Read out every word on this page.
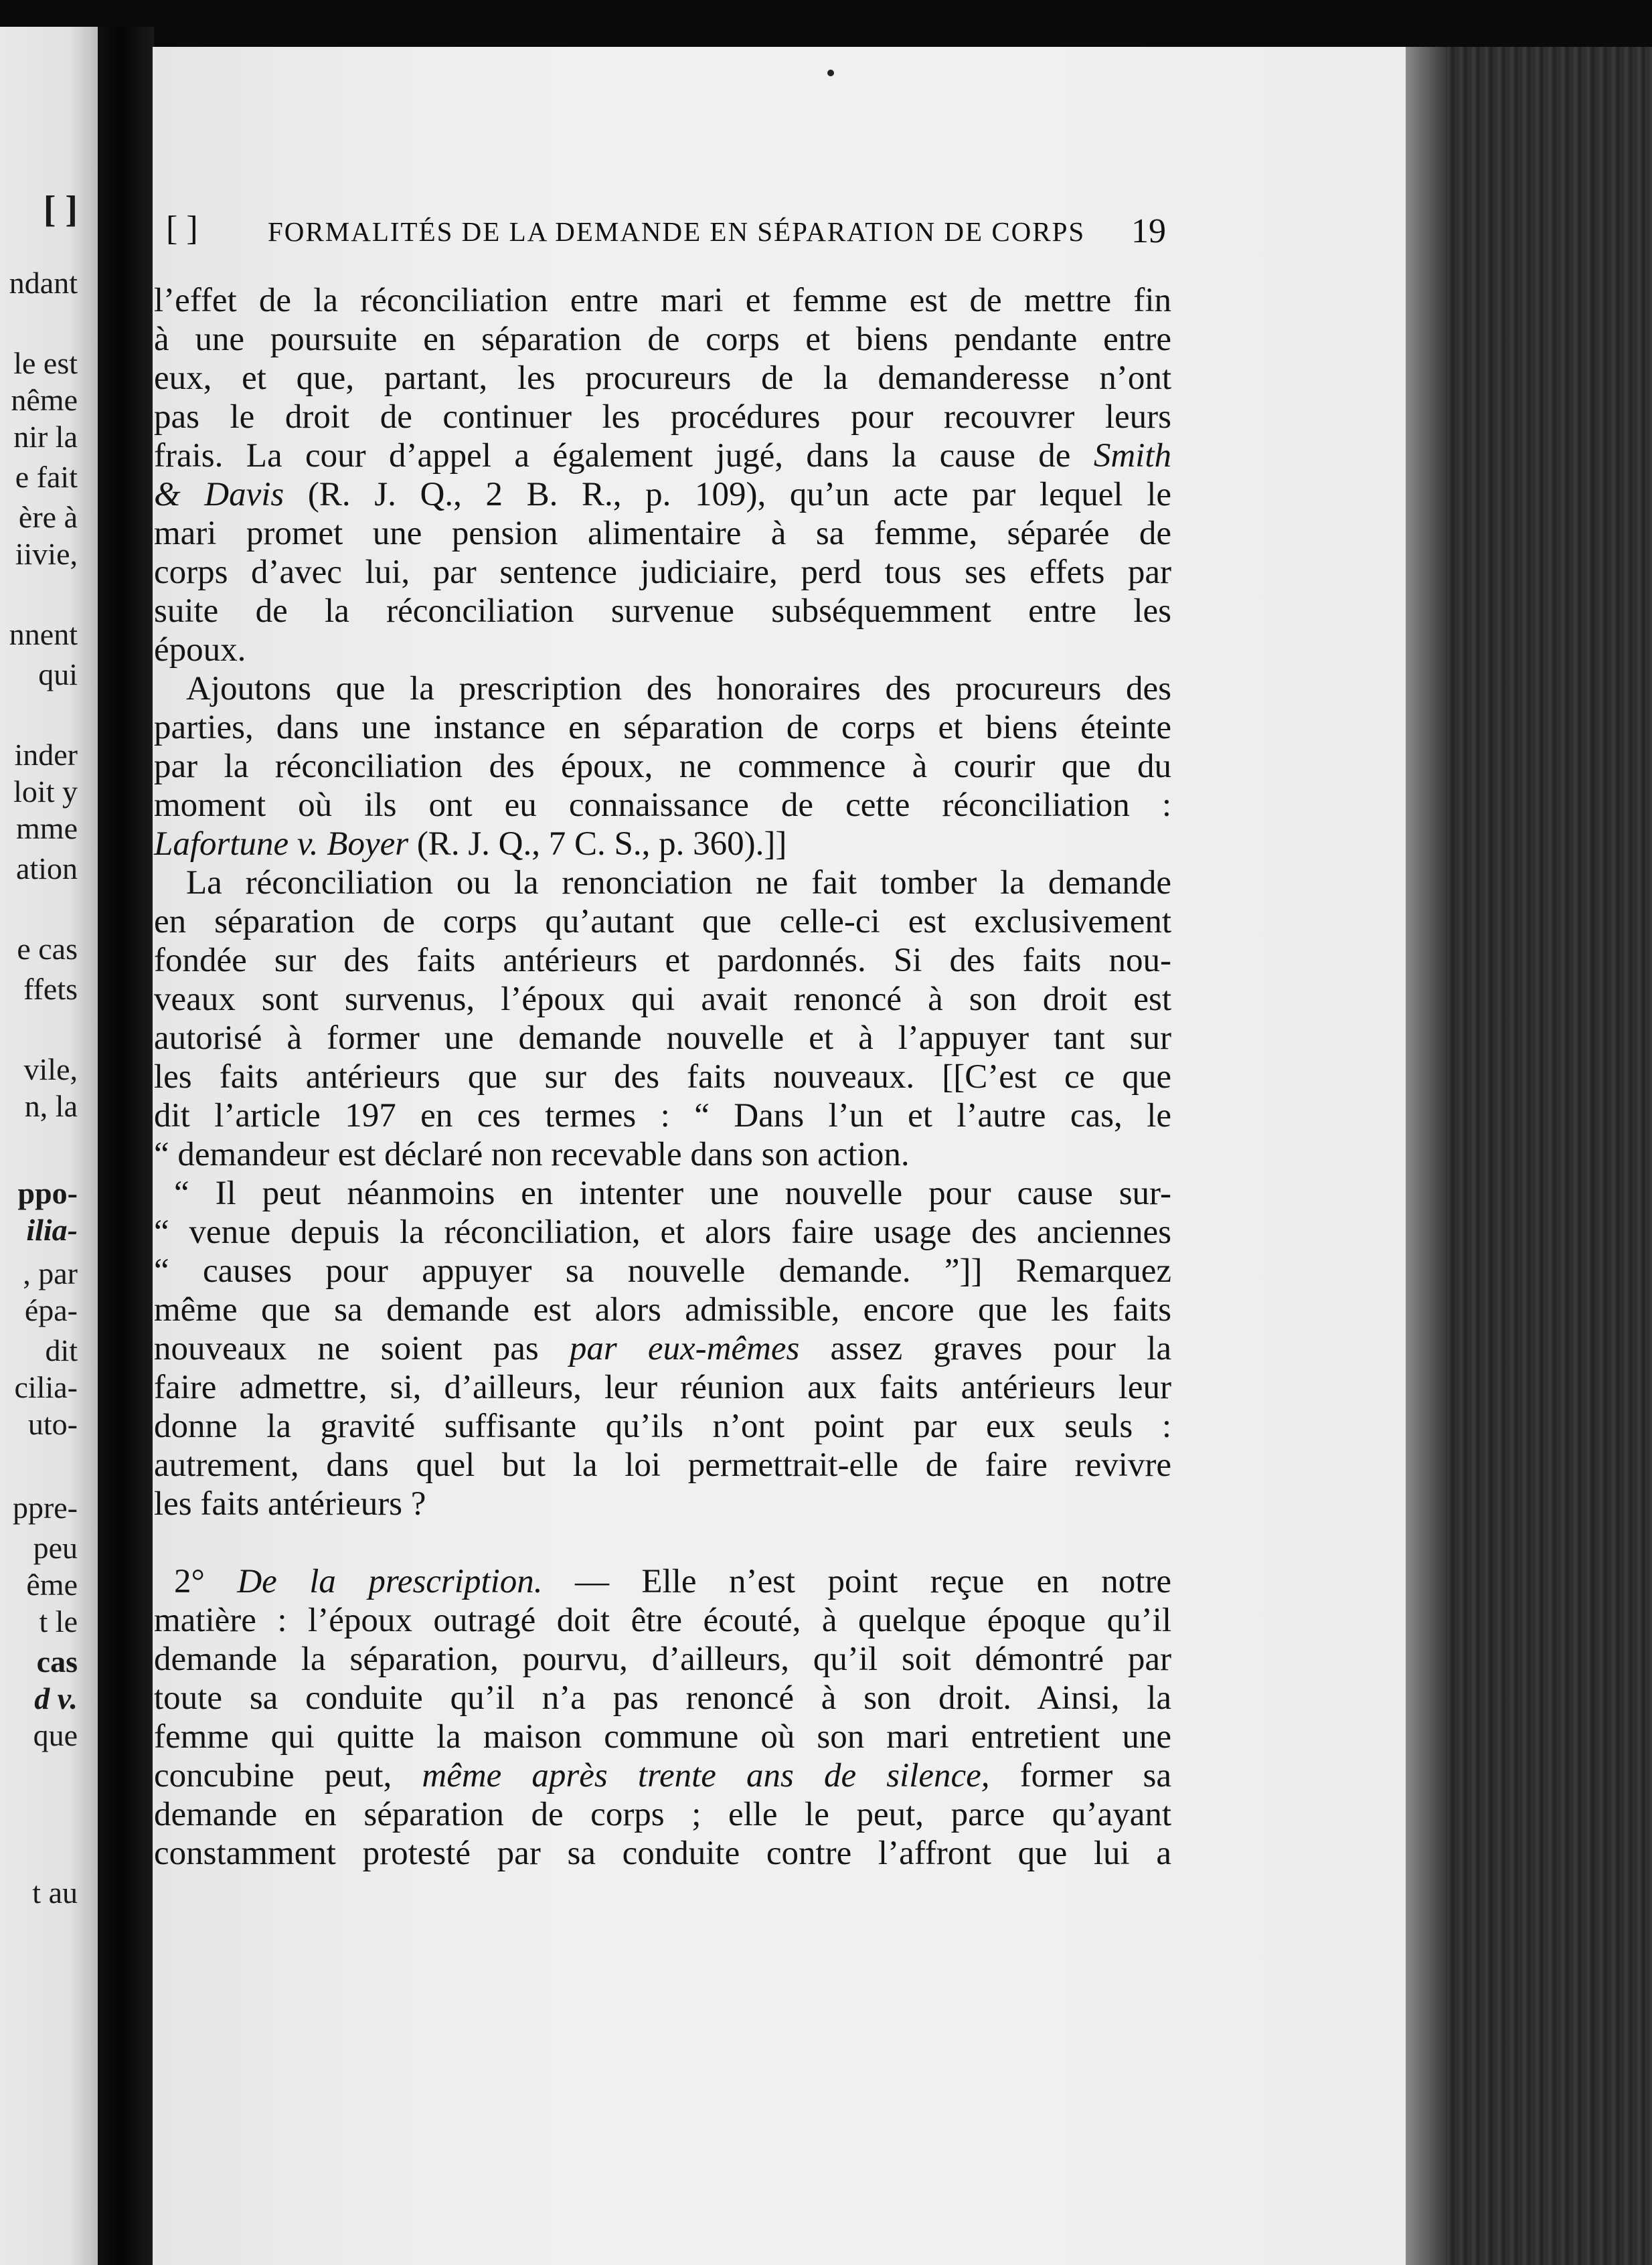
[ ]
ndant
le est
nême
nir la
e fait
ère à
iivie,
nnent
qui
inder
loit y
mme
ation
e cas
ffets
vile,
n, la
ppo-
ilia-
, par
épa-
dit
cilia-
uto-
ppre-
peu
ême
t le
cas
d v.
que
t au
[ ]	FORMALITÉS DE LA DEMANDE EN SÉPARATION DE CORPS 19
l’effet de la réconciliation entre mari et femme est de mettre fin
à une poursuite en séparation de corps et biens pendante entre
eux, et que, partant, les procureurs de la demanderesse n’ont
pas le droit de continuer les procédures pour recouvrer leurs
frais. La cour d’appel a également jugé, dans la cause de Smith
& Davis (R. J. Q., 2 B. R., p. 109), qu’un acte par lequel le
mari promet une pension alimentaire à sa femme, séparée de
corps d’avec lui, par sentence judiciaire, perd tous ses effets par
suite de la réconciliation survenue subséquemment entre les
époux.
Ajoutons que la prescription des honoraires des procureurs des
parties, dans une instance en séparation de corps et biens éteinte
par la réconciliation des époux, ne commence à courir que du
moment où ils ont eu connaissance de cette réconciliation :
Lafortune v. Boyer (R. J. Q., 7 C. S., p. 360).]]
La réconciliation ou la renonciation ne fait tomber la demande
en séparation de corps qu’autant que celle-ci est exclusivement
fondée sur des faits antérieurs et pardonnés. Si des faits nou-
veaux sont survenus, l’époux qui avait renoncé à son droit est
autorisé à former une demande nouvelle et à l’appuyer tant sur
les faits antérieurs que sur des faits nouveaux. [[C’est ce que
dit l’article 197 en ces termes : “ Dans l’un et l’autre cas, le
“ demandeur est déclaré non recevable dans son action.
“ Il peut néanmoins en intenter une nouvelle pour cause sur-
“ venue depuis la réconciliation, et alors faire usage des anciennes
“ causes pour appuyer sa nouvelle demande. ”]] Remarquez
même que sa demande est alors admissible, encore que les faits
nouveaux ne soient pas par eux-mêmes assez graves pour la
faire admettre, si, d’ailleurs, leur réunion aux faits antérieurs leur
donne la gravité suffisante qu’ils n’ont point par eux seuls :
autrement, dans quel but la loi permettrait-elle de faire revivre
les faits antérieurs ?
2° De la prescription. — Elle n’est point reçue en notre
matière : l’époux outragé doit être écouté, à quelque époque qu’il
demande la séparation, pourvu, d’ailleurs, qu’il soit démontré par
toute sa conduite qu’il n’a pas renoncé à son droit. Ainsi, la
femme qui quitte la maison commune où son mari entretient une
concubine peut, même après trente ans de silence, former sa
demande en séparation de corps ; elle le peut, parce qu’ayant
constamment protesté par sa conduite contre l’affront que lui a
